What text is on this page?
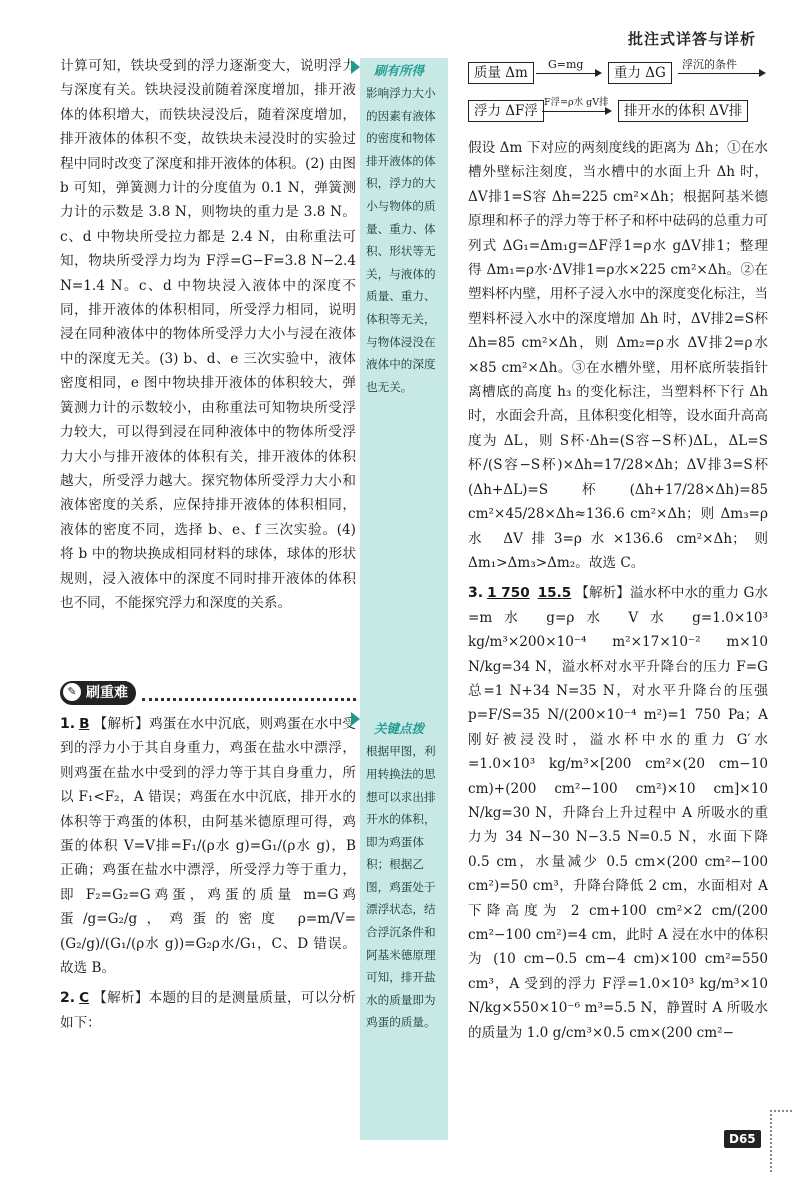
批注式详答与详析

计算可知，铁块受到的浮力逐渐变大，说明浮力与深度有关。铁块浸没前随着深度增加，排开液体的体积增大，而铁块浸没后，随着深度增加，排开液体的体积不变，故铁块未浸没时的实验过程中同时改变了深度和排开液体的体积。(2) 由图 b 可知，弹簧测力计的分度值为 0.1 N，弹簧测力计的示数是 3.8 N，则物块的重力是 3.8 N。c、d 中物块所受拉力都是 2.4 N，由称重法可知，物块所受浮力均为 F浮=G−F=3.8 N−2.4 N=1.4 N。c、d 中物块浸入液体中的深度不同，排开液体的体积相同，所受浮力相同，说明浸在同种液体中的物体所受浮力大小与浸在液体中的深度无关。(3) b、d、e 三次实验中，液体密度相同，e 图中物块排开液体的体积较大，弹簧测力计的示数较小，由称重法可知物块所受浮力较大，可以得到浸在同种液体中的物体所受浮力大小与排开液体的体积有关，排开液体的体积越大，所受浮力越大。探究物体所受浮力大小和液体密度的关系，应保持排开液体的体积相同，液体的密度不同，选择 b、e、f 三次实验。(4) 将 b 中的物块换成相同材料的球体，球体的形状规则，浸入液体中的深度不同时排开液体的体积也不同，不能探究浮力和深度的关系。

✎ 刷重难

1. B 【解析】鸡蛋在水中沉底，则鸡蛋在水中受到的浮力小于其自身重力，鸡蛋在盐水中漂浮，则鸡蛋在盐水中受到的浮力等于其自身重力，所以 F₁<F₂，A 错误；鸡蛋在水中沉底，排开水的体积等于鸡蛋的体积，由阿基米德原理可得，鸡蛋的体积 V=V排=F₁/(ρ水 g)=G₁/(ρ水 g)，B 正确；鸡蛋在盐水中漂浮，所受浮力等于重力，即 F₂=G₂=G鸡蛋，鸡蛋的质量 m=G鸡蛋/g=G₂/g，鸡蛋的密度 ρ=m/V=(G₂/g)/(G₁/(ρ水 g))=G₂ρ水/G₁，C、D 错误。故选 B。

2. C 【解析】本题的目的是测量质量，可以分析如下：

刷有所得
影响浮力大小的因素有液体的密度和物体排开液体的体积，浮力的大小与物体的质量、重力、体积、形状等无关，与液体的质量、重力、体积等无关，与物体浸没在液体中的深度也无关。
关键点拨
根据甲图，利用转换法的思想可以求出排开水的体积，即为鸡蛋体积；根据乙图，鸡蛋处于漂浮状态，结合浮沉条件和阿基米德原理可知，排开盐水的质量即为鸡蛋的质量。
质量 Δm
G=mg
重力 ΔG
浮沉的条件
浮力 ΔF浮
F浮=ρ水 gV排
排开水的体积 ΔV排

假设 Δm 下对应的两刻度线的距离为 Δh；①在水槽外壁标注刻度，当水槽中的水面上升 Δh 时，ΔV排1=S容 Δh=225 cm²×Δh；根据阿基米德原理和杯子的浮力等于杯子和杯中砝码的总重力可列式 ΔG₁=Δm₁g=ΔF浮1=ρ水 gΔV排1；整理得 Δm₁=ρ水·ΔV排1=ρ水×225 cm²×Δh。②在塑料杯内壁，用杯子浸入水中的深度变化标注，当塑料杯浸入水中的深度增加 Δh 时，ΔV排2=S杯 Δh=85 cm²×Δh，则 Δm₂=ρ水 ΔV排2=ρ水×85 cm²×Δh。③在水槽外壁，用杯底所装指针离槽底的高度 h₃ 的变化标注，当塑料杯下行 Δh 时，水面会升高，且体积变化相等，设水面升高高度为 ΔL，则 S杯·Δh=(S容−S杯)ΔL，ΔL=S杯/(S容−S杯)×Δh=17/28×Δh；ΔV排3=S杯(Δh+ΔL)=S杯(Δh+17/28×Δh)=85 cm²×45/28×Δh≈136.6 cm²×Δh；则 Δm₃=ρ水 ΔV排3=ρ水×136.6 cm²×Δh；则 Δm₁>Δm₃>Δm₂。故选 C。

3. 1 750 15.5 【解析】溢水杯中水的重力 G水=m水 g=ρ水 V水 g=1.0×10³ kg/m³×200×10⁻⁴ m²×17×10⁻² m×10 N/kg=34 N，溢水杯对水平升降台的压力 F=G总=1 N+34 N=35 N，对水平升降台的压强 p=F/S=35 N/(200×10⁻⁴ m²)=1 750 Pa；A 刚好被浸没时，溢水杯中水的重力 G′水=1.0×10³ kg/m³×[200 cm²×(20 cm−10 cm)+(200 cm²−100 cm²)×10 cm]×10 N/kg=30 N，升降台上升过程中 A 所吸水的重力为 34 N−30 N−3.5 N=0.5 N，水面下降 0.5 cm，水量减少 0.5 cm×(200 cm²−100 cm²)=50 cm³，升降台降低 2 cm，水面相对 A 下降高度为 2 cm+100 cm²×2 cm/(200 cm²−100 cm²)=4 cm，此时 A 浸在水中的体积为 (10 cm−0.5 cm−4 cm)×100 cm²=550 cm³，A 受到的浮力 F浮=1.0×10³ kg/m³×10 N/kg×550×10⁻⁶ m³=5.5 N，静置时 A 所吸水的质量为 1.0 g/cm³×0.5 cm×(200 cm²−

D65
